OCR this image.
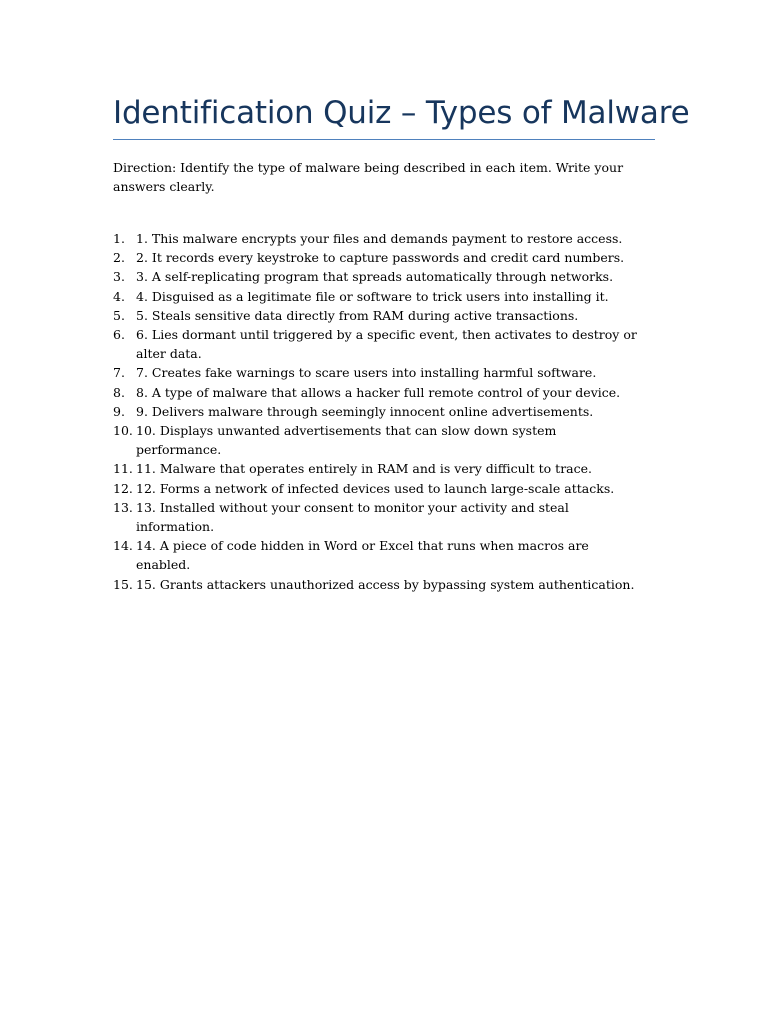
Identification Quiz – Types of Malware

Direction: Identify the type of malware being described in each item. Write your answers clearly.

1. 1. This malware encrypts your files and demands payment to restore access.
2. 2. It records every keystroke to capture passwords and credit card numbers.
3. 3. A self-replicating program that spreads automatically through networks.
4. 4. Disguised as a legitimate file or software to trick users into installing it.
5. 5. Steals sensitive data directly from RAM during active transactions.
6. 6. Lies dormant until triggered by a specific event, then activates to destroy or alter data.
7. 7. Creates fake warnings to scare users into installing harmful software.
8. 8. A type of malware that allows a hacker full remote control of your device.
9. 9. Delivers malware through seemingly innocent online advertisements.
10. 10. Displays unwanted advertisements that can slow down system performance.
11. 11. Malware that operates entirely in RAM and is very difficult to trace.
12. 12. Forms a network of infected devices used to launch large-scale attacks.
13. 13. Installed without your consent to monitor your activity and steal information.
14. 14. A piece of code hidden in Word or Excel that runs when macros are enabled.
15. 15. Grants attackers unauthorized access by bypassing system authentication.
